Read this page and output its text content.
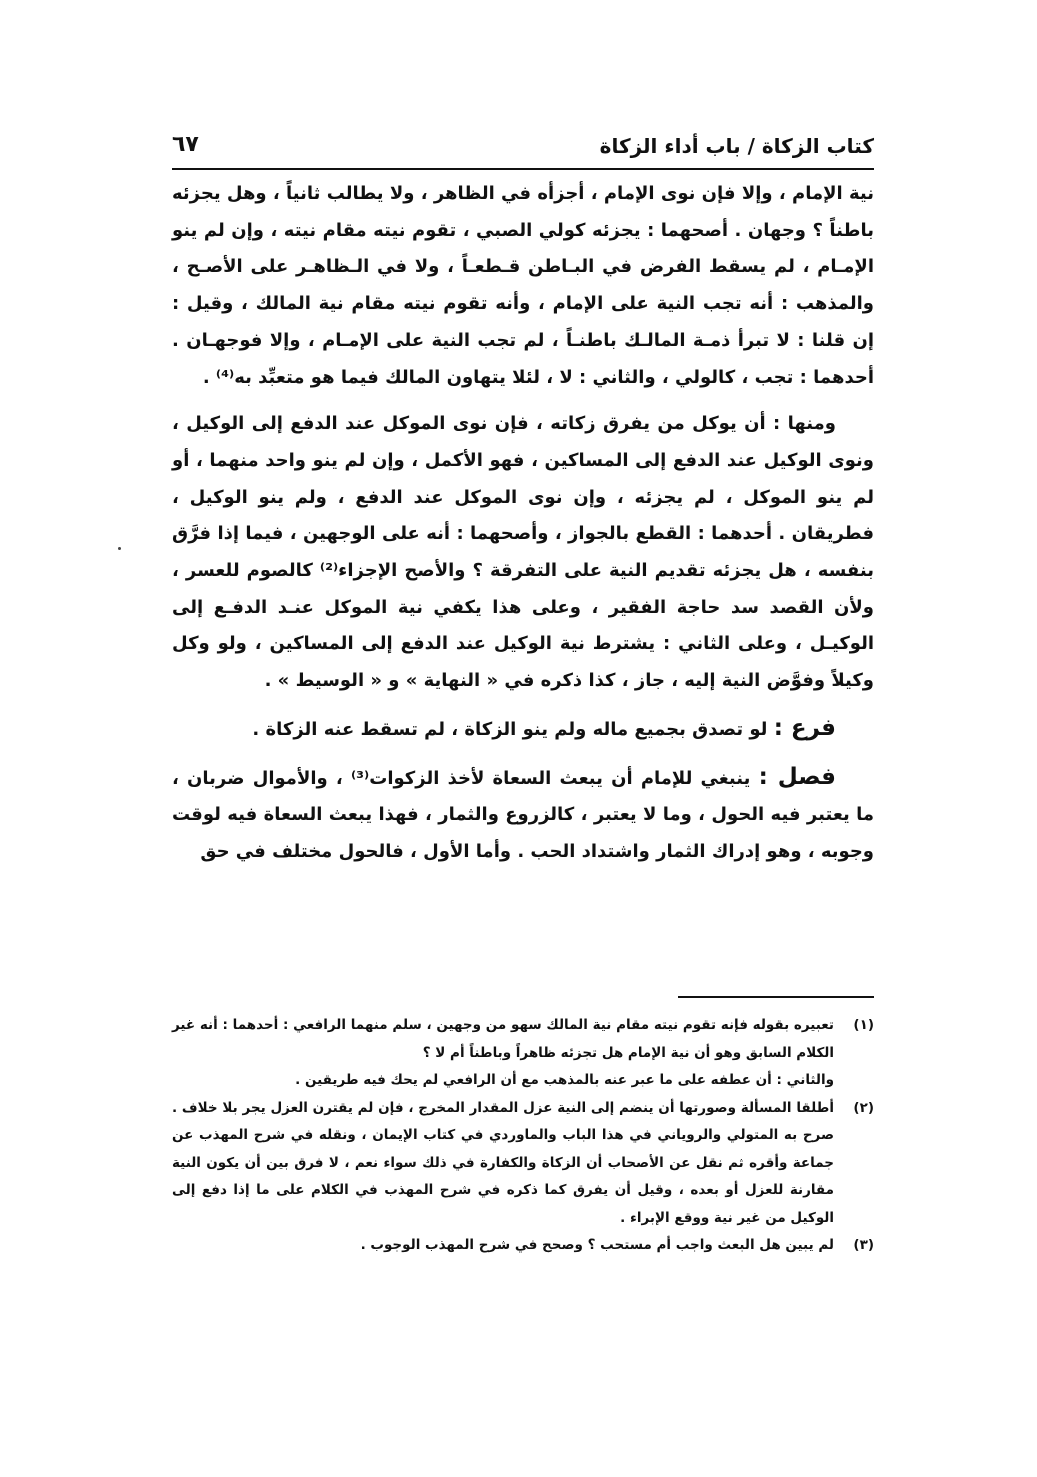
كتاب الزكاة / باب أداء الزكاة
٦٧

نية الإمام ، وإلا فإن نوى الإمام ، أجزأه في الظاهر ، ولا يطالب ثانياً ، وهل يجزئه باطناً ؟ وجهان . أصحهما : يجزئه كولي الصبي ، تقوم نيته مقام نيته ، وإن لم ينو الإمـام ، لم يسقط الفرض في البـاطن قـطعـاً ، ولا في الـظاهـر على الأصـح ، والمذهب : أنه تجب النية على الإمام ، وأنه تقوم نيته مقام نية المالك ، وقيل : إن قلنا : لا تبرأ ذمـة المالـك باطنـاً ، لم تجب النية على الإمـام ، وإلا فوجهـان . أحدهما : تجب ، كالولي ، والثاني : لا ، لئلا يتهاون المالك فيما هو متعبِّد به⁽⁴⁾ .

ومنها : أن يوكل من يفرق زكاته ، فإن نوى الموكل عند الدفع إلى الوكيل ، ونوى الوكيل عند الدفع إلى المساكين ، فهو الأكمل ، وإن لم ينو واحد منهما ، أو لم ينو الموكل ، لم يجزئه ، وإن نوى الموكل عند الدفع ، ولم ينو الوكيل ، فطريقان . أحدهما : القطع بالجواز ، وأصحهما : أنه على الوجهين ، فيما إذا فرَّق بنفسه ، هل يجزئه تقديم النية على التفرقة ؟ والأصح الإجزاء⁽²⁾ كالصوم للعسر ، ولأن القصد سد حاجة الفقير ، وعلى هذا يكفي نية الموكل عنـد الدفـع إلى الوكيـل ، وعلى الثاني : يشترط نية الوكيل عند الدفع إلى المساكين ، ولو وكل وكيلاً وفوَّض النية إليه ، جاز ، كذا ذكره في « النهاية » و « الوسيط » .

فرع : لو تصدق بجميع ماله ولم ينو الزكاة ، لم تسقط عنه الزكاة .

فصل : ينبغي للإمام أن يبعث السعاة لأخذ الزكوات⁽³⁾ ، والأموال ضربان ، ما يعتبر فيه الحول ، وما لا يعتبر ، كالزروع والثمار ، فهذا يبعث السعاة فيه لوقت وجوبه ، وهو إدراك الثمار واشتداد الحب . وأما الأول ، فالحول مختلف في حق

(١)
تعبيره بقوله فإنه تقوم نيته مقام نية المالك سهو من وجهين ، سلم منهما الرافعي : أحدهما : أنه غير الكلام السابق وهو أن نية الإمام هل تجزئه ظاهراً وباطناً أم لا ؟
والثاني : أن عطفه على ما عبر عنه بالمذهب مع أن الرافعي لم يحك فيه طريقين .
(٢)
أطلقا المسألة وصورتها أن ينضم إلى النية عزل المقدار المخرج ، فإن لم يقترن العزل يجر بلا خلاف . صرح به المتولي والروياني في هذا الباب والماوردي في كتاب الإيمان ، ونقله في شرح المهذب عن جماعة وأقره ثم نقل عن الأصحاب أن الزكاة والكفارة في ذلك سواء نعم ، لا فرق بين أن يكون النية مقارنة للعزل أو بعده ، وقيل أن يفرق كما ذكره في شرح المهذب في الكلام على ما إذا دفع إلى الوكيل من غير نية ووقع الإبراء .
(٣)
لم يبين هل البعث واجب أم مستحب ؟ وصحح في شرح المهذب الوجوب .
